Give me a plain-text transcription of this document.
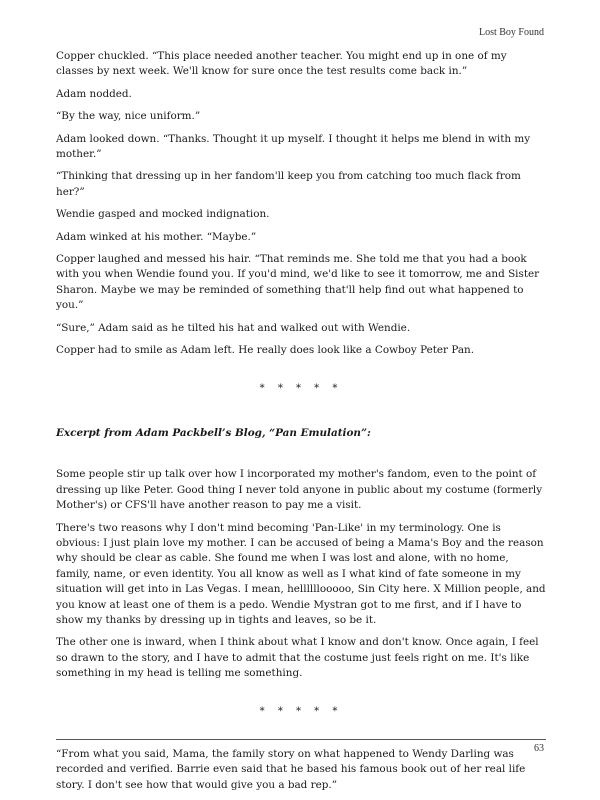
Lost Boy Found

Copper chuckled. “This place needed another teacher. You might end up in one of my classes by next week. We'll know for sure once the test results come back in.”

Adam nodded.

“By the way, nice uniform.”

Adam looked down. “Thanks. Thought it up myself. I thought it helps me blend in with my mother.”

“Thinking that dressing up in her fandom'll keep you from catching too much flack from her?”

Wendie gasped and mocked indignation.

Adam winked at his mother. “Maybe.”

Copper laughed and messed his hair. “That reminds me. She told me that you had a book with you when Wendie found you. If you'd mind, we'd like to see it tomorrow, me and Sister Sharon. Maybe we may be reminded of something that'll help find out what happened to you.”

“Sure,” Adam said as he tilted his hat and walked out with Wendie.

Copper had to smile as Adam left. He really does look like a Cowboy Peter Pan.

* * * * *

Excerpt from Adam Packbell’s Blog, “Pan Emulation”:

Some people stir up talk over how I incorporated my mother's fandom, even to the point of dressing up like Peter. Good thing I never told anyone in public about my costume (formerly Mother's) or CFS'll have another reason to pay me a visit.

There's two reasons why I don't mind becoming 'Pan-Like' in my terminology. One is obvious: I just plain love my mother. I can be accused of being a Mama's Boy and the reason why should be clear as cable. She found me when I was lost and alone, with no home, family, name, or even identity. You all know as well as I what kind of fate someone in my situation will get into in Las Vegas. I mean, hellllllooooo, Sin City here. X Million people, and you know at least one of them is a pedo. Wendie Mystran got to me first, and if I have to show my thanks by dressing up in tights and leaves, so be it.

The other one is inward, when I think about what I know and don't know. Once again, I feel so drawn to the story, and I have to admit that the costume just feels right on me. It's like something in my head is telling me something.

* * * * *

“From what you said, Mama, the family story on what happened to Wendy Darling was recorded and verified. Barrie even said that he based his famous book out of her real life story. I don't see how that would give you a bad rep.”

63
